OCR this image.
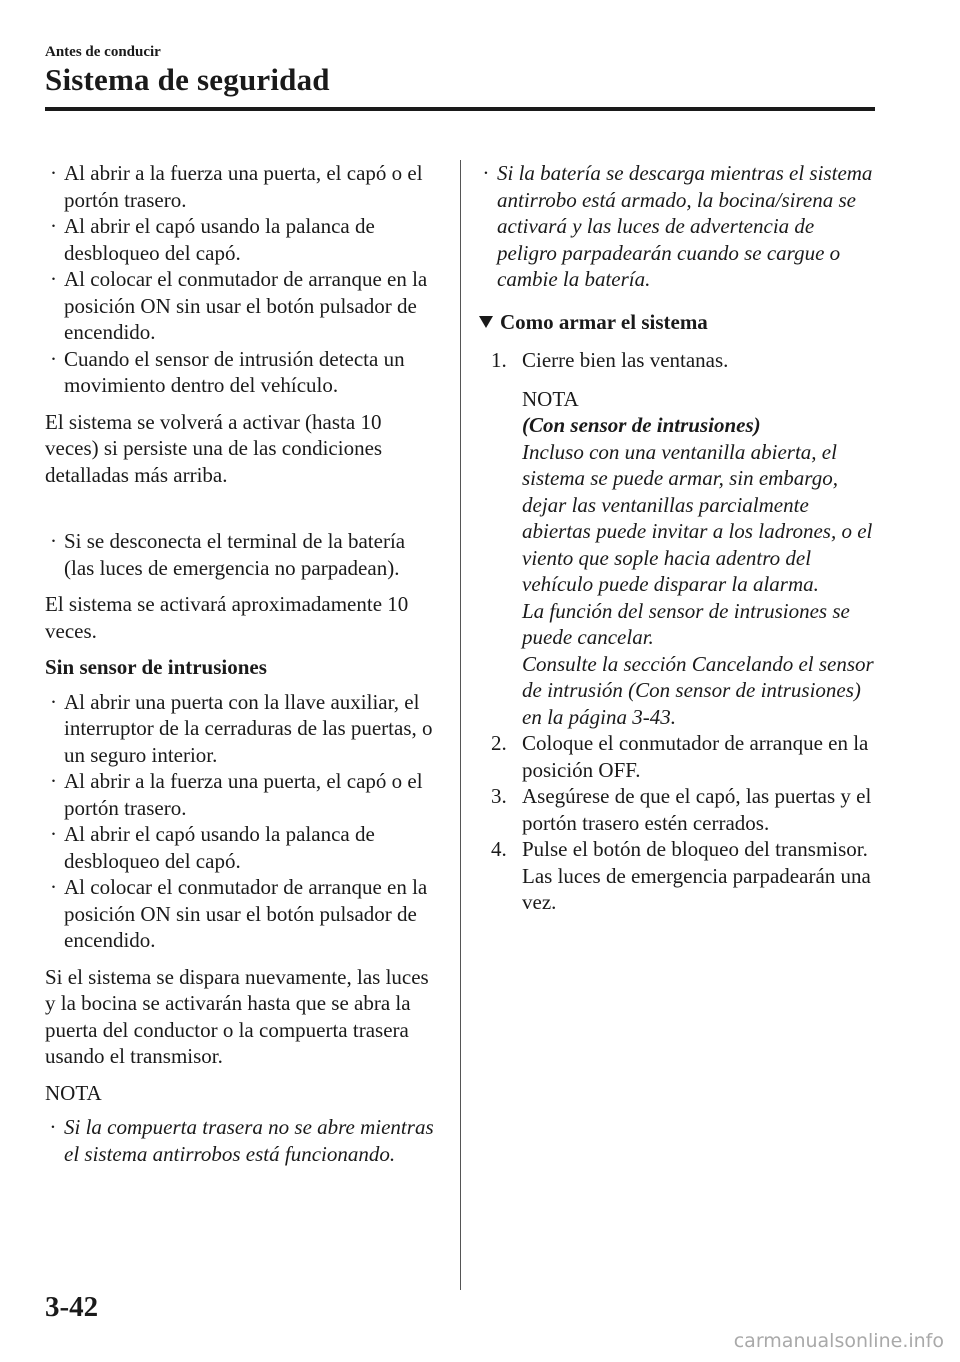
Antes de conducir
Sistema de seguridad
· Al abrir a la fuerza una puerta, el capó o el portón trasero.
· Al abrir el capó usando la palanca de desbloqueo del capó.
· Al colocar el conmutador de arranque en la posición ON sin usar el botón pulsador de encendido.
· Cuando el sensor de intrusión detecta un movimiento dentro del vehículo.

El sistema se volverá a activar (hasta 10 veces) si persiste una de las condiciones detalladas más arriba.

· Si se desconecta el terminal de la batería (las luces de emergencia no parpadean).

El sistema se activará aproximadamente 10 veces.

Sin sensor de intrusiones
· Al abrir una puerta con la llave auxiliar, el interruptor de la cerraduras de las puertas, o un seguro interior.
· Al abrir a la fuerza una puerta, el capó o el portón trasero.
· Al abrir el capó usando la palanca de desbloqueo del capó.
· Al colocar el conmutador de arranque en la posición ON sin usar el botón pulsador de encendido.

Si el sistema se dispara nuevamente, las luces y la bocina se activarán hasta que se abra la puerta del conductor o la compuerta trasera usando el transmisor.

NOTA
· Si la compuerta trasera no se abre mientras el sistema antirrobos está funcionando.
· Si la batería se descarga mientras el sistema antirrobo está armado, la bocina/sirena se activará y las luces de advertencia de peligro parpadearán cuando se cargue o cambie la batería.
Como armar el sistema
1. Cierre bien las ventanas.
NOTA
(Con sensor de intrusiones)
Incluso con una ventanilla abierta, el sistema se puede armar, sin embargo, dejar las ventanillas parcialmente abiertas puede invitar a los ladrones, o el viento que sople hacia adentro del vehículo puede disparar la alarma.
La función del sensor de intrusiones se puede cancelar.
Consulte la sección Cancelando el sensor de intrusión (Con sensor de intrusiones) en la página 3-43.
2. Coloque el conmutador de arranque en la posición OFF.
3. Asegúrese de que el capó, las puertas y el portón trasero estén cerrados.
4. Pulse el botón de bloqueo del transmisor.
Las luces de emergencia parpadearán una vez.
3-42
carmanualsonline.info
